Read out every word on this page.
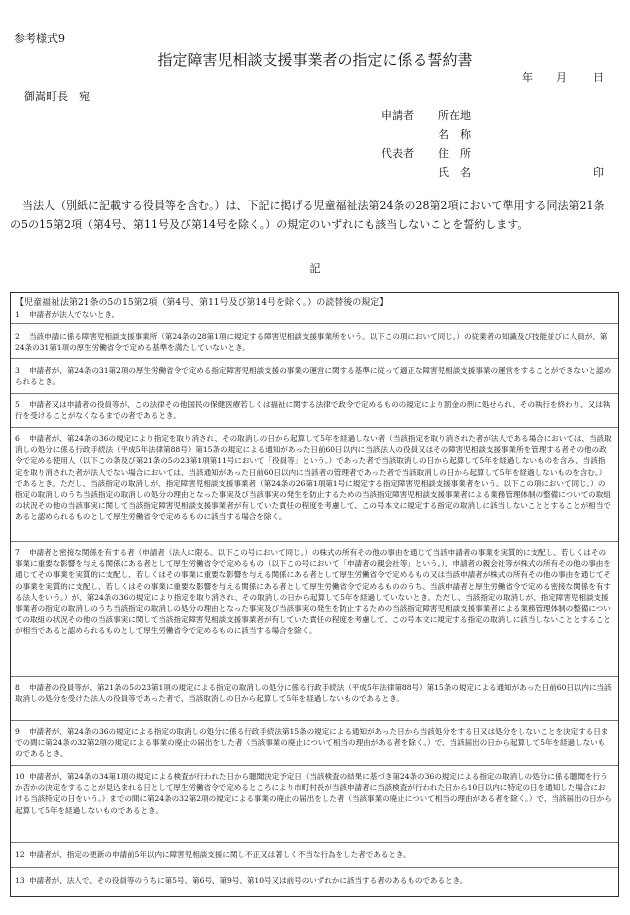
参考様式9
指定障害児相談支援事業者の指定に係る誓約書
年 月 日
御嵩町長　宛
申請者 所在地
名　称
代表者 住　所
氏　名	印
当法人（別紙に記載する役員等を含む。）は、下記に掲げる児童福祉法第24条の28第2項において準用する同法第21条の5の15第2項（第4号、第11号及び第14号を除く。）の規定のいずれにも該当しないことを誓約します。
記
【児童福祉法第21条の5の15第2項（第4号、第11号及び第14号を除く。）の読替後の規定】
1	申請者が法人でないとき。
2	当該申請に係る障害児相談支援事業所（第24条の28第1項に規定する障害児相談支援事業所をいう。以下この項において同じ。）の従業者の知識及び技能並びに人員が、第24条の31第1項の厚生労働省令で定める基準を満たしていないとき。
3	申請者が、第24条の31第2項の厚生労働省令で定める指定障害児相談支援の事業の運営に関する基準に従って適正な障害児相談支援事業の運営をすることができないと認められるとき。
5	申請者又は申請者の役員等が、この法律その他国民の保健医療若しくは福祉に関する法律で政令で定めるものの規定により罰金の刑に処せられ、その執行を終わり、又は執行を受けることがなくなるまでの者であるとき。
6	申請者が、第24条の36の規定により指定を取り消され、その取消しの日から起算して5年を経過しない者（当該指定を取り消された者が法人である場合においては、当該取消しの処分に係る行政手続法（平成5年法律第88号）第15条の規定による通知があった日前60日以内に当該法人の役員又はその障害児相談支援事業所を管理する者その他の政令で定める使用人（以下この条及び第21条の5の23第1項第11号において「役員等」という。）であった者で当該取消しの日から起算して5年を経過しないものを含み、当該指定を取り消された者が法人でない場合においては、当該通知があった日前60日以内に当該者の管理者であった者で当該取消しの日から起算して5年を経過しないものを含む。）であるとき。ただし、当該指定の取消しが、指定障害児相談支援事業者（第24条の26第1項第1号に規定する指定障害児相談支援事業者をいう。以下この項において同じ。）の指定の取消しのうち当該指定の取消しの処分の理由となった事実及び当該事実の発生を防止するための当該指定障害児相談支援事業者による業務管理体制の整備についての取組の状況その他の当該事実に関して当該指定障害児相談支援事業者が有していた責任の程度を考慮して、この号本文に規定する指定の取消しに該当しないこととすることが相当であると認められるものとして厚生労働省令で定めるものに該当する場合を除く。
7	申請者と密接な関係を有する者（申請者（法人に限る。以下この号において同じ。）の株式の所有その他の事由を通じて当該申請者の事業を実質的に支配し、若しくはその事業に重要な影響を与える関係にある者として厚生労働省令で定めるもの（以下この号において「申請者の親会社等」という。）、申請者の親会社等が株式の所有その他の事由を通じてその事業を実質的に支配し、若しくはその事業に重要な影響を与える関係にある者として厚生労働省令で定めるもの又は当該申請者が株式の所有その他の事由を通じてその事業を実質的に支配し、若しくはその事業に重要な影響を与える関係にある者として厚生労働省令で定めるもののうち、当該申請者と厚生労働省令で定める密接な関係を有する法人をいう。）が、第24条の36の規定により指定を取り消され、その取消しの日から起算して5年を経過していないとき。ただし、当該指定の取消しが、指定障害児相談支援事業者の指定の取消しのうち当該指定の取消しの処分の理由となった事実及び当該事実の発生を防止するための当該指定障害児相談支援事業者による業務管理体制の整備についての取組の状況その他の当該事実に関して当該指定障害児相談支援事業者が有していた責任の程度を考慮して、この号本文に規定する指定の取消しに該当しないこととすることが相当であると認められるものとして厚生労働省令で定めるものに該当する場合を除く。
8	申請者の役員等が、第21条の5の23第1項の規定による指定の取消しの処分に係る行政手続法（平成5年法律第88号）第15条の規定による通知があった日前60日以内に当該取消しの処分を受けた法人の役員等であった者で、当該取消しの日から起算して5年を経過しないものであるとき。
9	申請者が、第24条の36の規定による指定の取消しの処分に係る行政手続法第15条の規定による通知があった日から当該処分をする日又は処分をしないことを決定する日までの間に第24条の32第2項の規定による事業の廃止の届出をした者（当該事業の廃止について相当の理由がある者を除く。）で、当該届出の日から起算して5年を経過しないものであるとき。
10 申請者が、第24条の34第1項の規定による検査が行われた日から聴聞決定予定日（当該検査の結果に基づき第24条の36の規定による指定の取消しの処分に係る聴聞を行うか否かの決定をすることが見込まれる日として厚生労働省令で定めるところにより市町村長が当該申請者に当該検査が行われた日から10日以内に特定の日を通知した場合における当該特定の日をいう。）までの間に第24条の32第2項の規定による事業の廃止の届出をした者（当該事業の廃止について相当の理由がある者を除く。）で、当該届出の日から起算して5年を経過しないものであるとき。
12 申請者が、指定の更新の申請前5年以内に障害児相談支援に関し不正又は著しく不当な行為をした者であるとき。
13 申請者が、法人で、その役員等のうちに第5号、第6号、第9号、第10号又は前号のいずれかに該当する者のあるものであるとき。
